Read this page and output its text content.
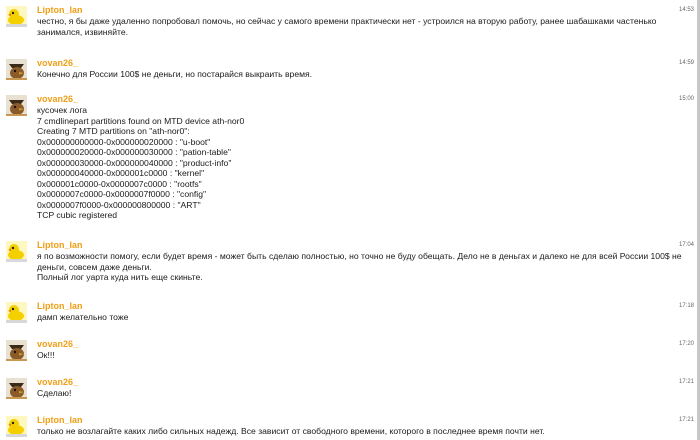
Lipton_Ian	14:53
честно, я бы даже удаленно попробовал помочь, но сейчас у самого времени практически нет - устроился на вторую работу, ранее шабашками частенько занимался, извиняйте.
vovan26_	14:59
Конечно для России 100$ не деньги, но постарайся выкраить время.
vovan26_	15:00
кусочек лога
7 cmdlinepart partitions found on MTD device ath-nor0
Creating 7 MTD partitions on "ath-nor0":
0x000000000000-0x000000020000 : "u-boot"
0x000000020000-0x000000030000 : "pation-table"
0x000000030000-0x000000040000 : "product-info"
0x000000040000-0x000001c0000 : "kernel"
0x000001c0000-0x0000007c0000 : "rootfs"
0x0000007c0000-0x0000007f0000 : "config"
0x0000007f0000-0x000000800000 : "ART"
TCP cubic registered
Lipton_Ian	17:04
я по возможности помогу, если будет время - может быть сделаю полностью, но точно не буду обещать. Дело не в деньгах и далеко не для всей России 100$ не деньги, совсем даже деньги.
Полный лог уарта куда нить еще скиньте.
Lipton_Ian	17:18
дамп желательно тоже
vovan26_	17:20
Ок!!!
vovan26_	17:21
Сделаю!
Lipton_Ian	17:21
только не возлагайте каких либо сильных надежд. Все зависит от свободного времени, которого в последнее время почти нет.
